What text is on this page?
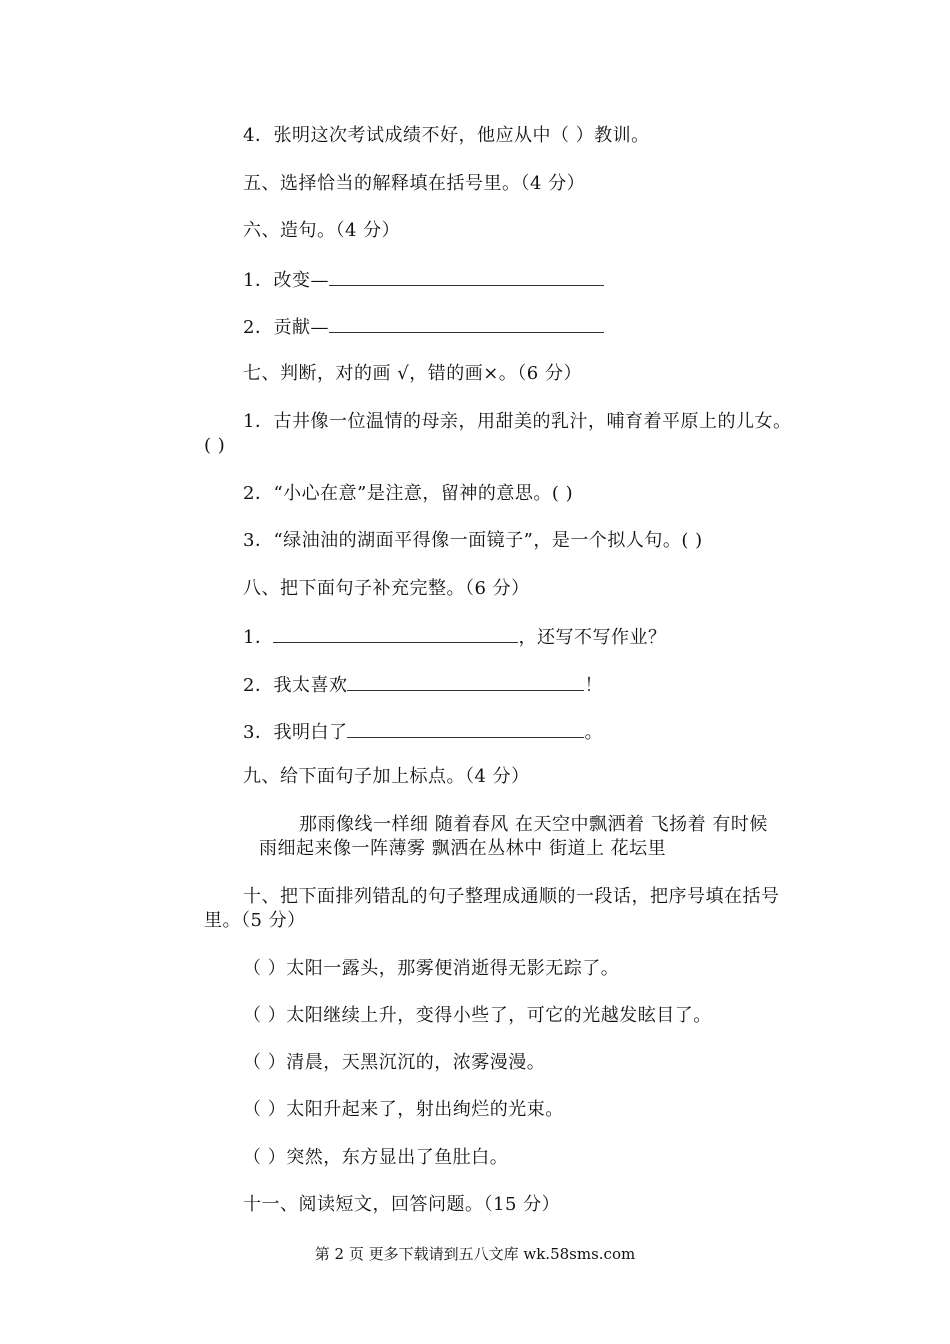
4．张明这次考试成绩不好，他应从中（ ）教训。
五、选择恰当的解释填在括号里。（4 分）
六、造句。（4 分）
1．改变—
2．贡献—
七、判断，对的画 √，错的画×。（6 分）
1．古井像一位温情的母亲，用甜美的乳汁，哺育着平原上的儿女。
( )
2．“小心在意”是注意，留神的意思。( )
3．“绿油油的湖面平得像一面镜子”，是一个拟人句。( )
八、把下面句子补充完整。（6 分）
1．	，还写不写作业？
2．我太喜欢	！
3．我明白了	。
九、给下面句子加上标点。（4 分）
那雨像线一样细 随着春风 在天空中飘洒着 飞扬着 有时候
雨细起来像一阵薄雾 飘洒在丛林中 街道上 花坛里
十、把下面排列错乱的句子整理成通顺的一段话，把序号填在括号
里。（5 分）
（ ）太阳一露头，那雾便消逝得无影无踪了。
（ ）太阳继续上升，变得小些了，可它的光越发眩目了。
（ ）清晨，天黑沉沉的，浓雾漫漫。
（ ）太阳升起来了，射出绚烂的光束。
（ ）突然，东方显出了鱼肚白。
十一、阅读短文，回答问题。（15 分）
第 2 页 更多下载请到五八文库 wk.58sms.com
